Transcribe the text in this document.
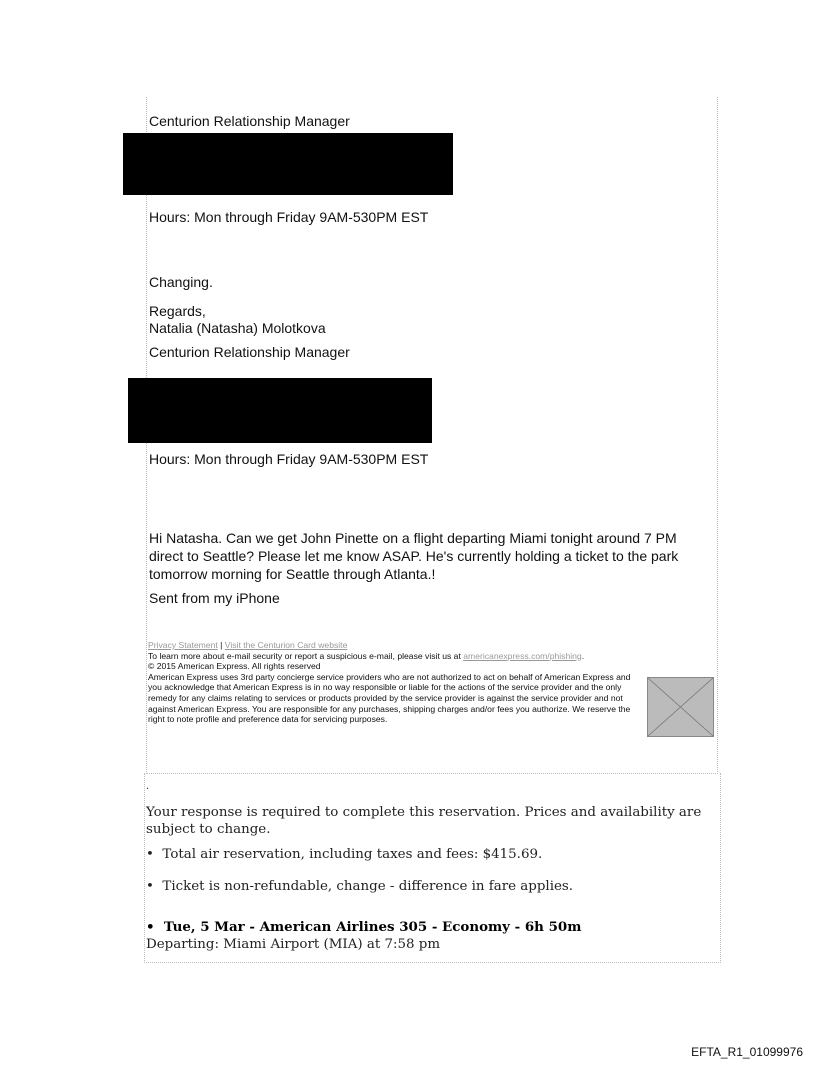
Centurion Relationship Manager
Hours: Mon through Friday 9AM-530PM EST
Changing.
Regards,
Natalia (Natasha) Molotkova
Centurion Relationship Manager
Hours: Mon through Friday 9AM-530PM EST
Hi Natasha. Can we get John Pinette on a flight departing Miami tonight around 7 PM
direct to Seattle? Please let me know ASAP. He's currently holding a ticket to the park
tomorrow morning for Seattle through Atlanta.!
Sent from my iPhone
Privacy Statement | Visit the Centurion Card website
To learn more about e-mail security or report a suspicious e-mail, please visit us at americanexpress.com/phishing.
© 2015 American Express. All rights reserved
American Express uses 3rd party concierge service providers who are not authorized to act on behalf of American Express and you acknowledge that American Express is in no way responsible or liable for the actions of the service provider and the only remedy for any claims relating to services or products provided by the service provider is against the service provider and not against American Express. You are responsible for any purchases, shipping charges and/or fees you authorize. We reserve the right to note profile and preference data for servicing purposes.
.
Your response is required to complete this reservation. Prices and availability are
subject to change.
• Total air reservation, including taxes and fees: $415.69.
• Ticket is non-refundable, change - difference in fare applies.
• Tue, 5 Mar - American Airlines 305 - Economy - 6h 50m
Departing: Miami Airport (MIA) at 7:58 pm
EFTA_R1_01099976
